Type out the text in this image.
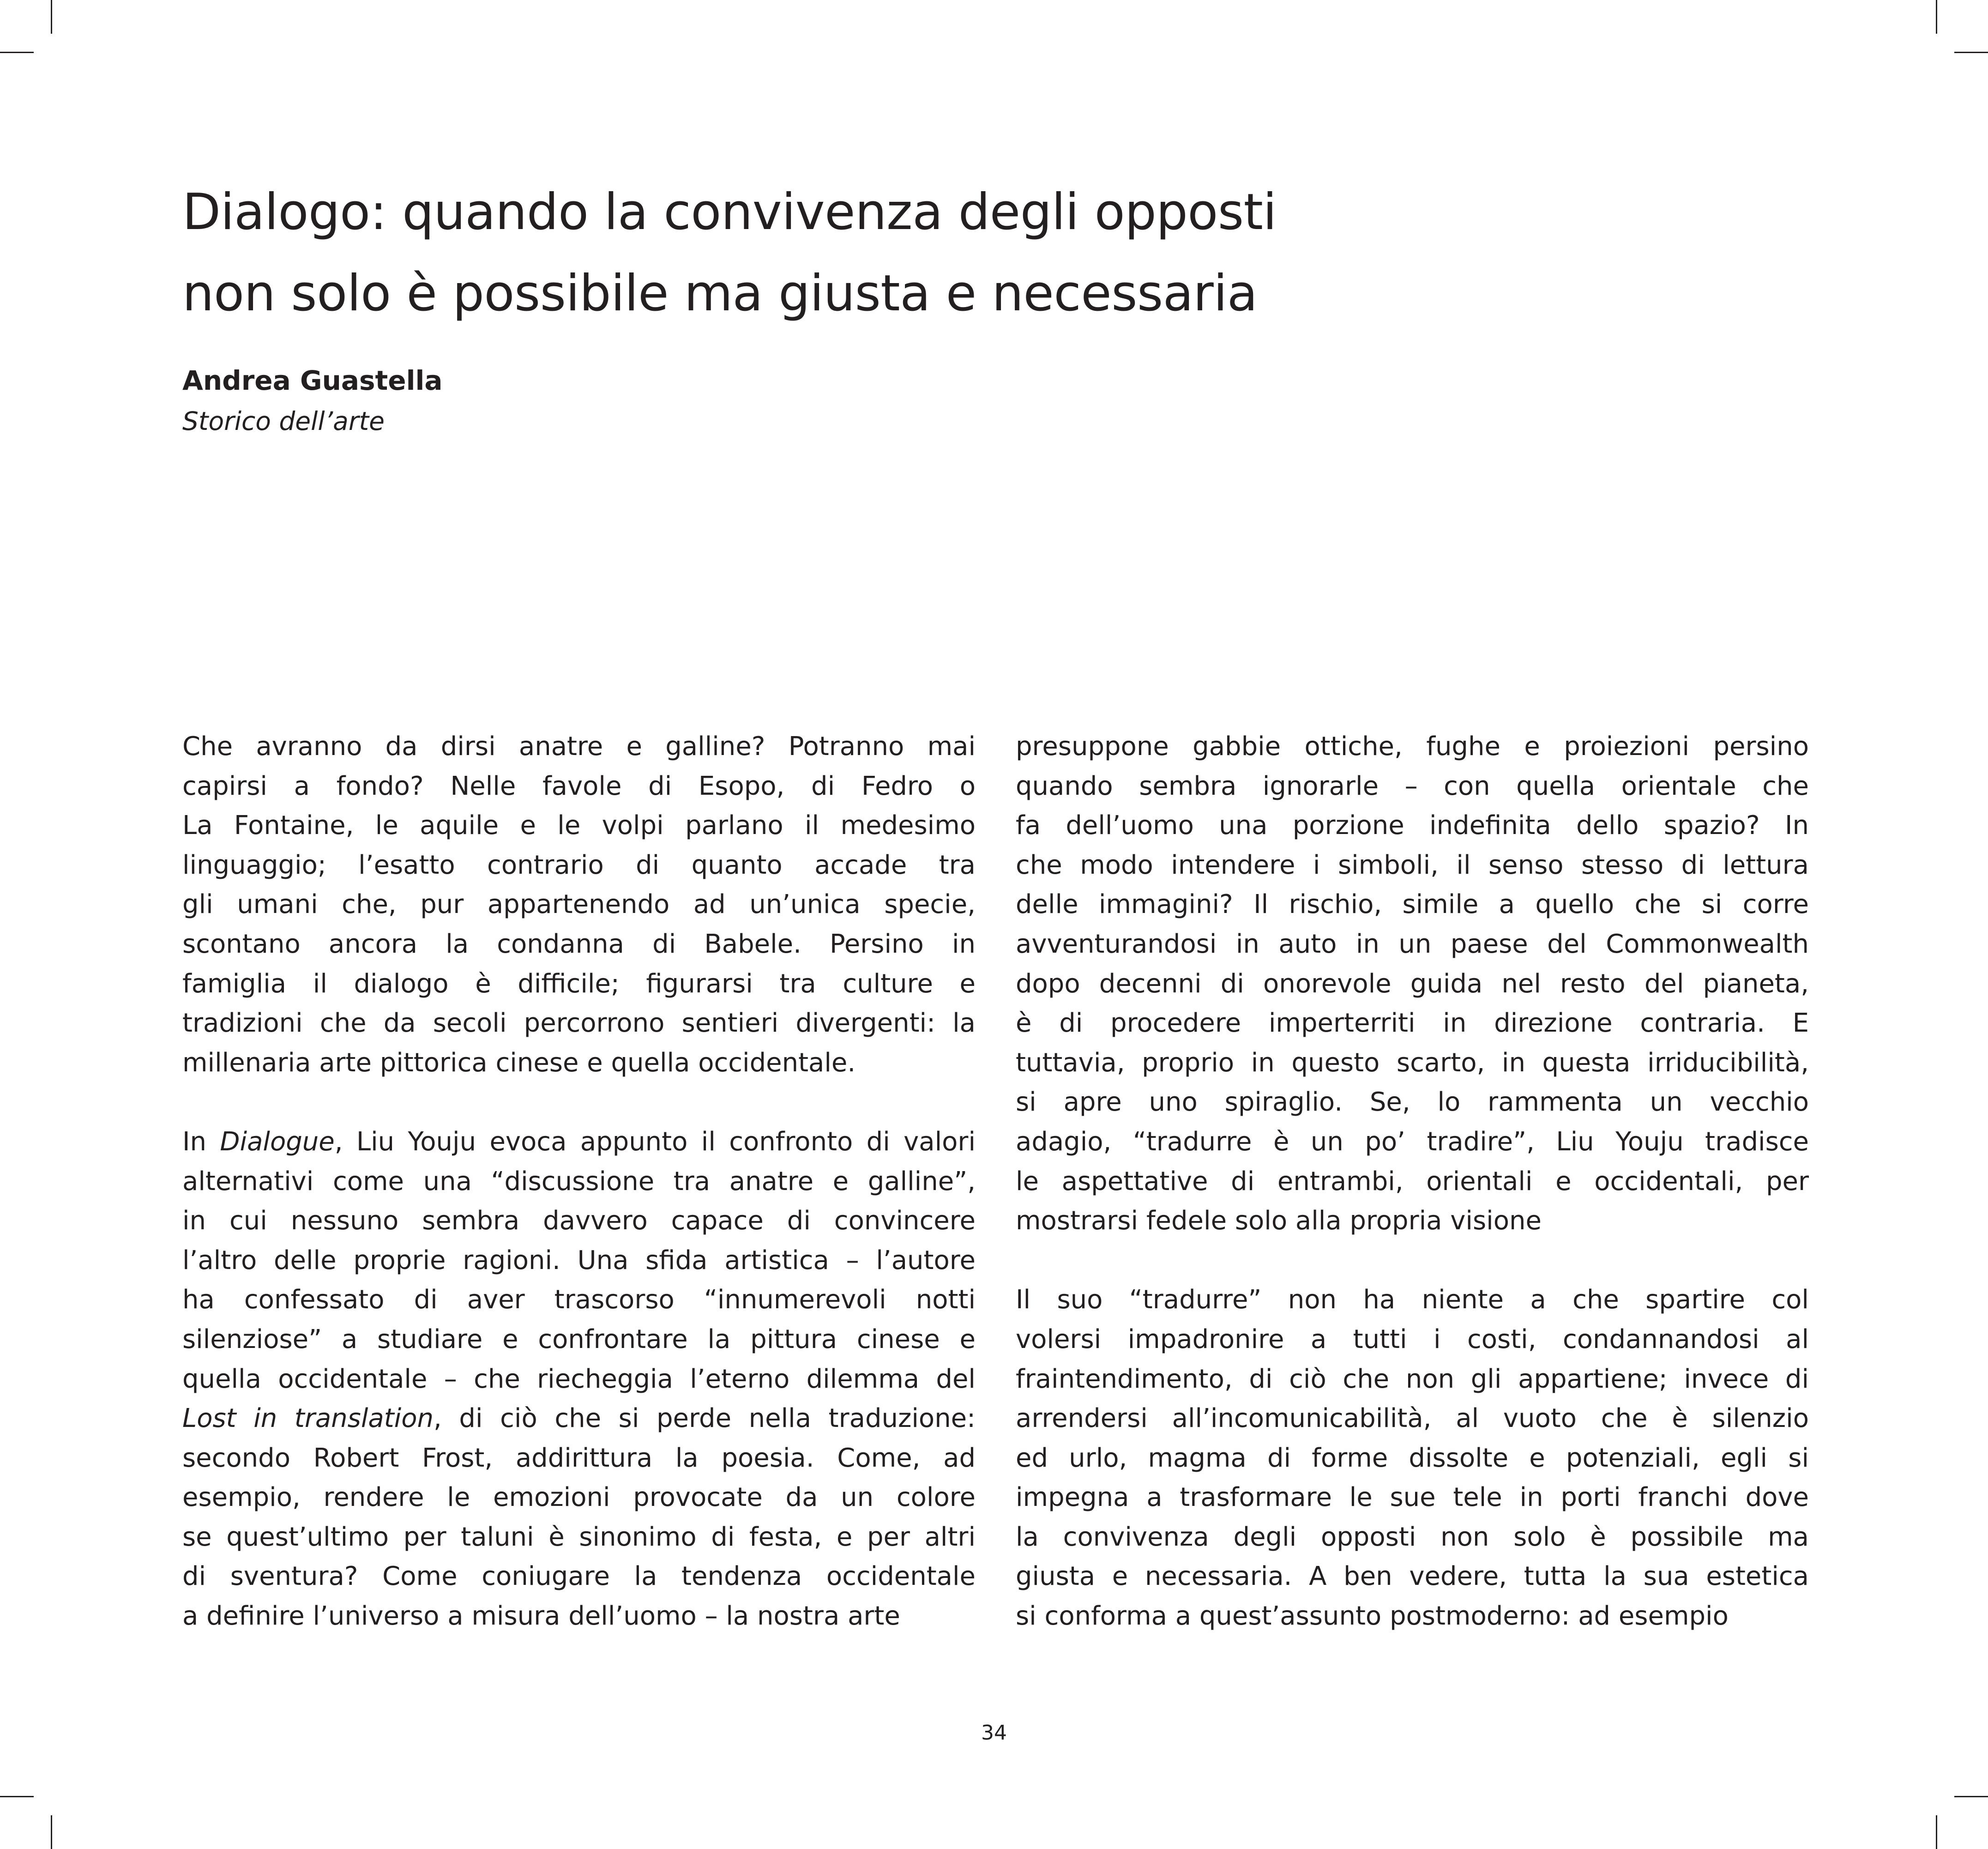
Dialogo: quando la convivenza degli opposti
non solo è possibile ma giusta e necessaria
Andrea Guastella
Storico dell’arte

Che avranno da dirsi anatre e galline? Potranno mai
capirsi a fondo? Nelle favole di Esopo, di Fedro o
La Fontaine, le aquile e le volpi parlano il medesimo
linguaggio; l’esatto contrario di quanto accade tra
gli umani che, pur appartenendo ad un’unica specie,
scontano ancora la condanna di Babele. Persino in
famiglia il dialogo è difficile; figurarsi tra culture e
tradizioni che da secoli percorrono sentieri divergenti: la
millenaria arte pittorica cinese e quella occidentale.

In Dialogue, Liu Youju evoca appunto il confronto di valori
alternativi come una “discussione tra anatre e galline”,
in cui nessuno sembra davvero capace di convincere
l’altro delle proprie ragioni. Una sfida artistica – l’autore
ha confessato di aver trascorso “innumerevoli notti
silenziose” a studiare e confrontare la pittura cinese e
quella occidentale – che riecheggia l’eterno dilemma del
Lost in translation, di ciò che si perde nella traduzione:
secondo Robert Frost, addirittura la poesia. Come, ad
esempio, rendere le emozioni provocate da un colore
se quest’ultimo per taluni è sinonimo di festa, e per altri
di sventura? Come coniugare la tendenza occidentale
a definire l’universo a misura dell’uomo – la nostra arte

presuppone gabbie ottiche, fughe e proiezioni persino
quando sembra ignorarle – con quella orientale che
fa dell’uomo una porzione indefinita dello spazio? In
che modo intendere i simboli, il senso stesso di lettura
delle immagini? Il rischio, simile a quello che si corre
avventurandosi in auto in un paese del Commonwealth
dopo decenni di onorevole guida nel resto del pianeta,
è di procedere imperterriti in direzione contraria. E
tuttavia, proprio in questo scarto, in questa irriducibilità,
si apre uno spiraglio. Se, lo rammenta un vecchio
adagio, “tradurre è un po’ tradire”, Liu Youju tradisce
le aspettative di entrambi, orientali e occidentali, per
mostrarsi fedele solo alla propria visione

Il suo “tradurre” non ha niente a che spartire col
volersi impadronire a tutti i costi, condannandosi al
fraintendimento, di ciò che non gli appartiene; invece di
arrendersi all’incomunicabilità, al vuoto che è silenzio
ed urlo, magma di forme dissolte e potenziali, egli si
impegna a trasformare le sue tele in porti franchi dove
la convivenza degli opposti non solo è possibile ma
giusta e necessaria. A ben vedere, tutta la sua estetica
si conforma a quest’assunto postmoderno: ad esempio

34
